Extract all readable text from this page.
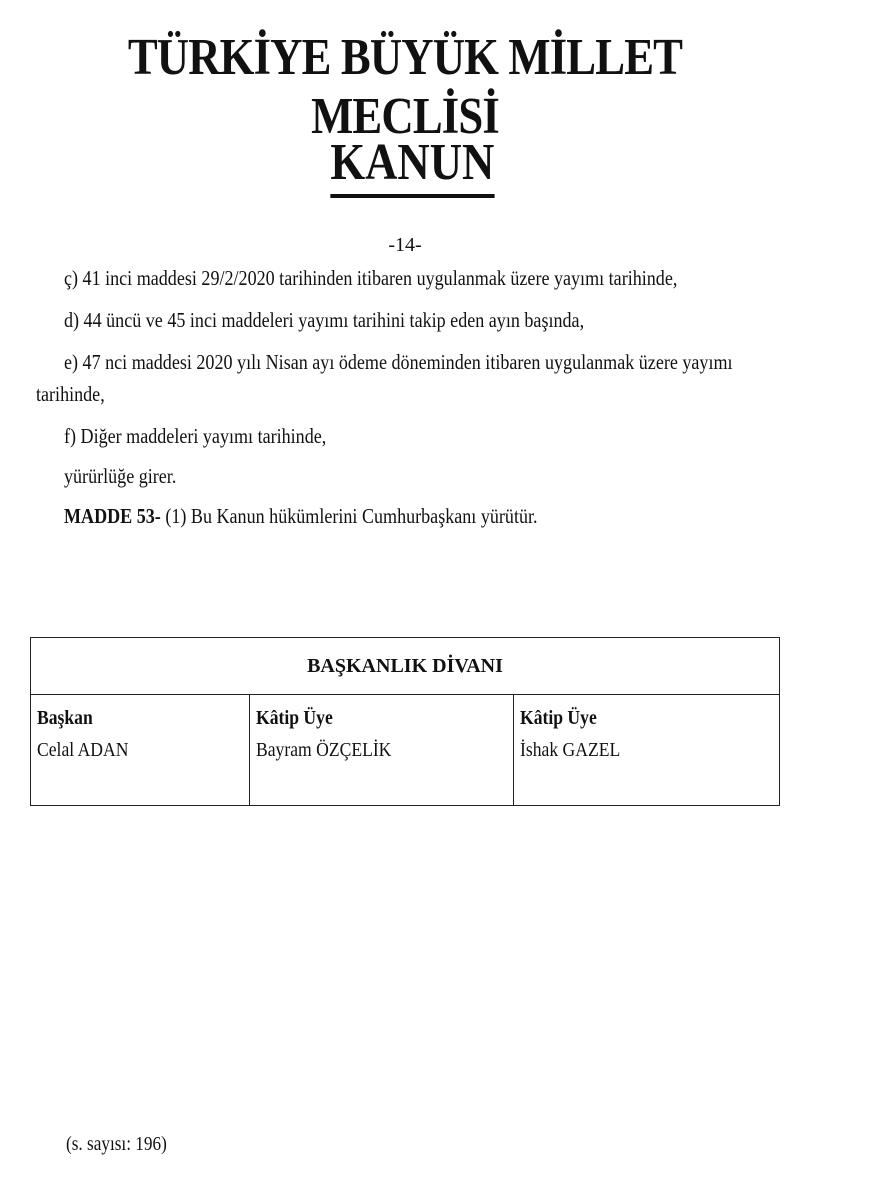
TÜRKİYE BÜYÜK MİLLET MECLİSİ
KANUN
-14-
ç) 41 inci maddesi 29/2/2020 tarihinden itibaren uygulanmak üzere yayımı tarihinde,
d) 44 üncü ve 45 inci maddeleri yayımı tarihini takip eden ayın başında,
e) 47 nci maddesi 2020 yılı Nisan ayı ödeme döneminden itibaren uygulanmak üzere yayımı
tarihinde,
f) Diğer maddeleri yayımı tarihinde,
yürürlüğe girer.
MADDE 53- (1) Bu Kanun hükümlerini Cumhurbaşkanı yürütür.
BAŞKANLIK DİVANI

Başkan
Celal ADAN

Kâtip Üye
Bayram ÖZÇELİK

Kâtip Üye
İshak GAZEL
(s. sayısı: 196)
